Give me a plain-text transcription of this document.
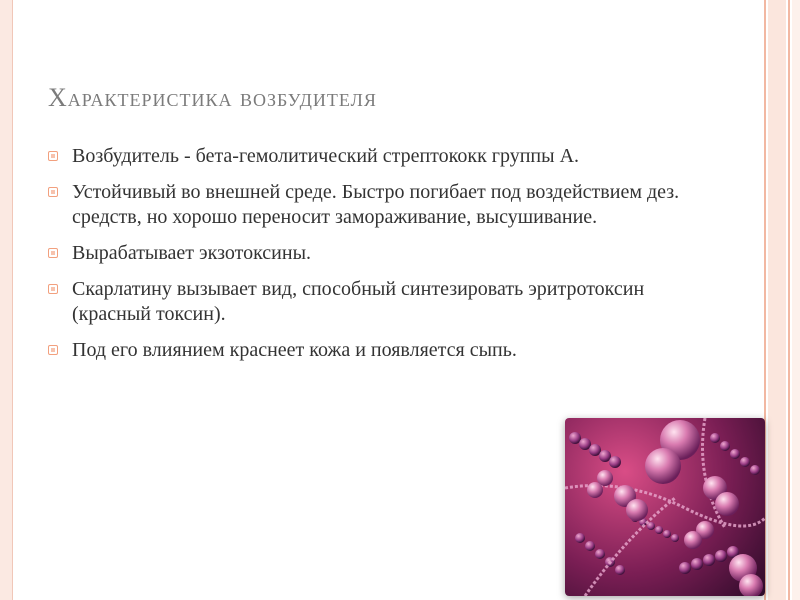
Характеристика возбудителя
Возбудитель - бета-гемолитический стрептококк группы А.
Устойчивый во внешней среде. Быстро погибает под воздействием дез. средств, но хорошо переносит замораживание, высушивание.
Вырабатывает экзотоксины.
Скарлатину вызывает вид, способный синтезировать эритротоксин (красный токсин).
Под его влиянием краснеет кожа и появляется сыпь.
